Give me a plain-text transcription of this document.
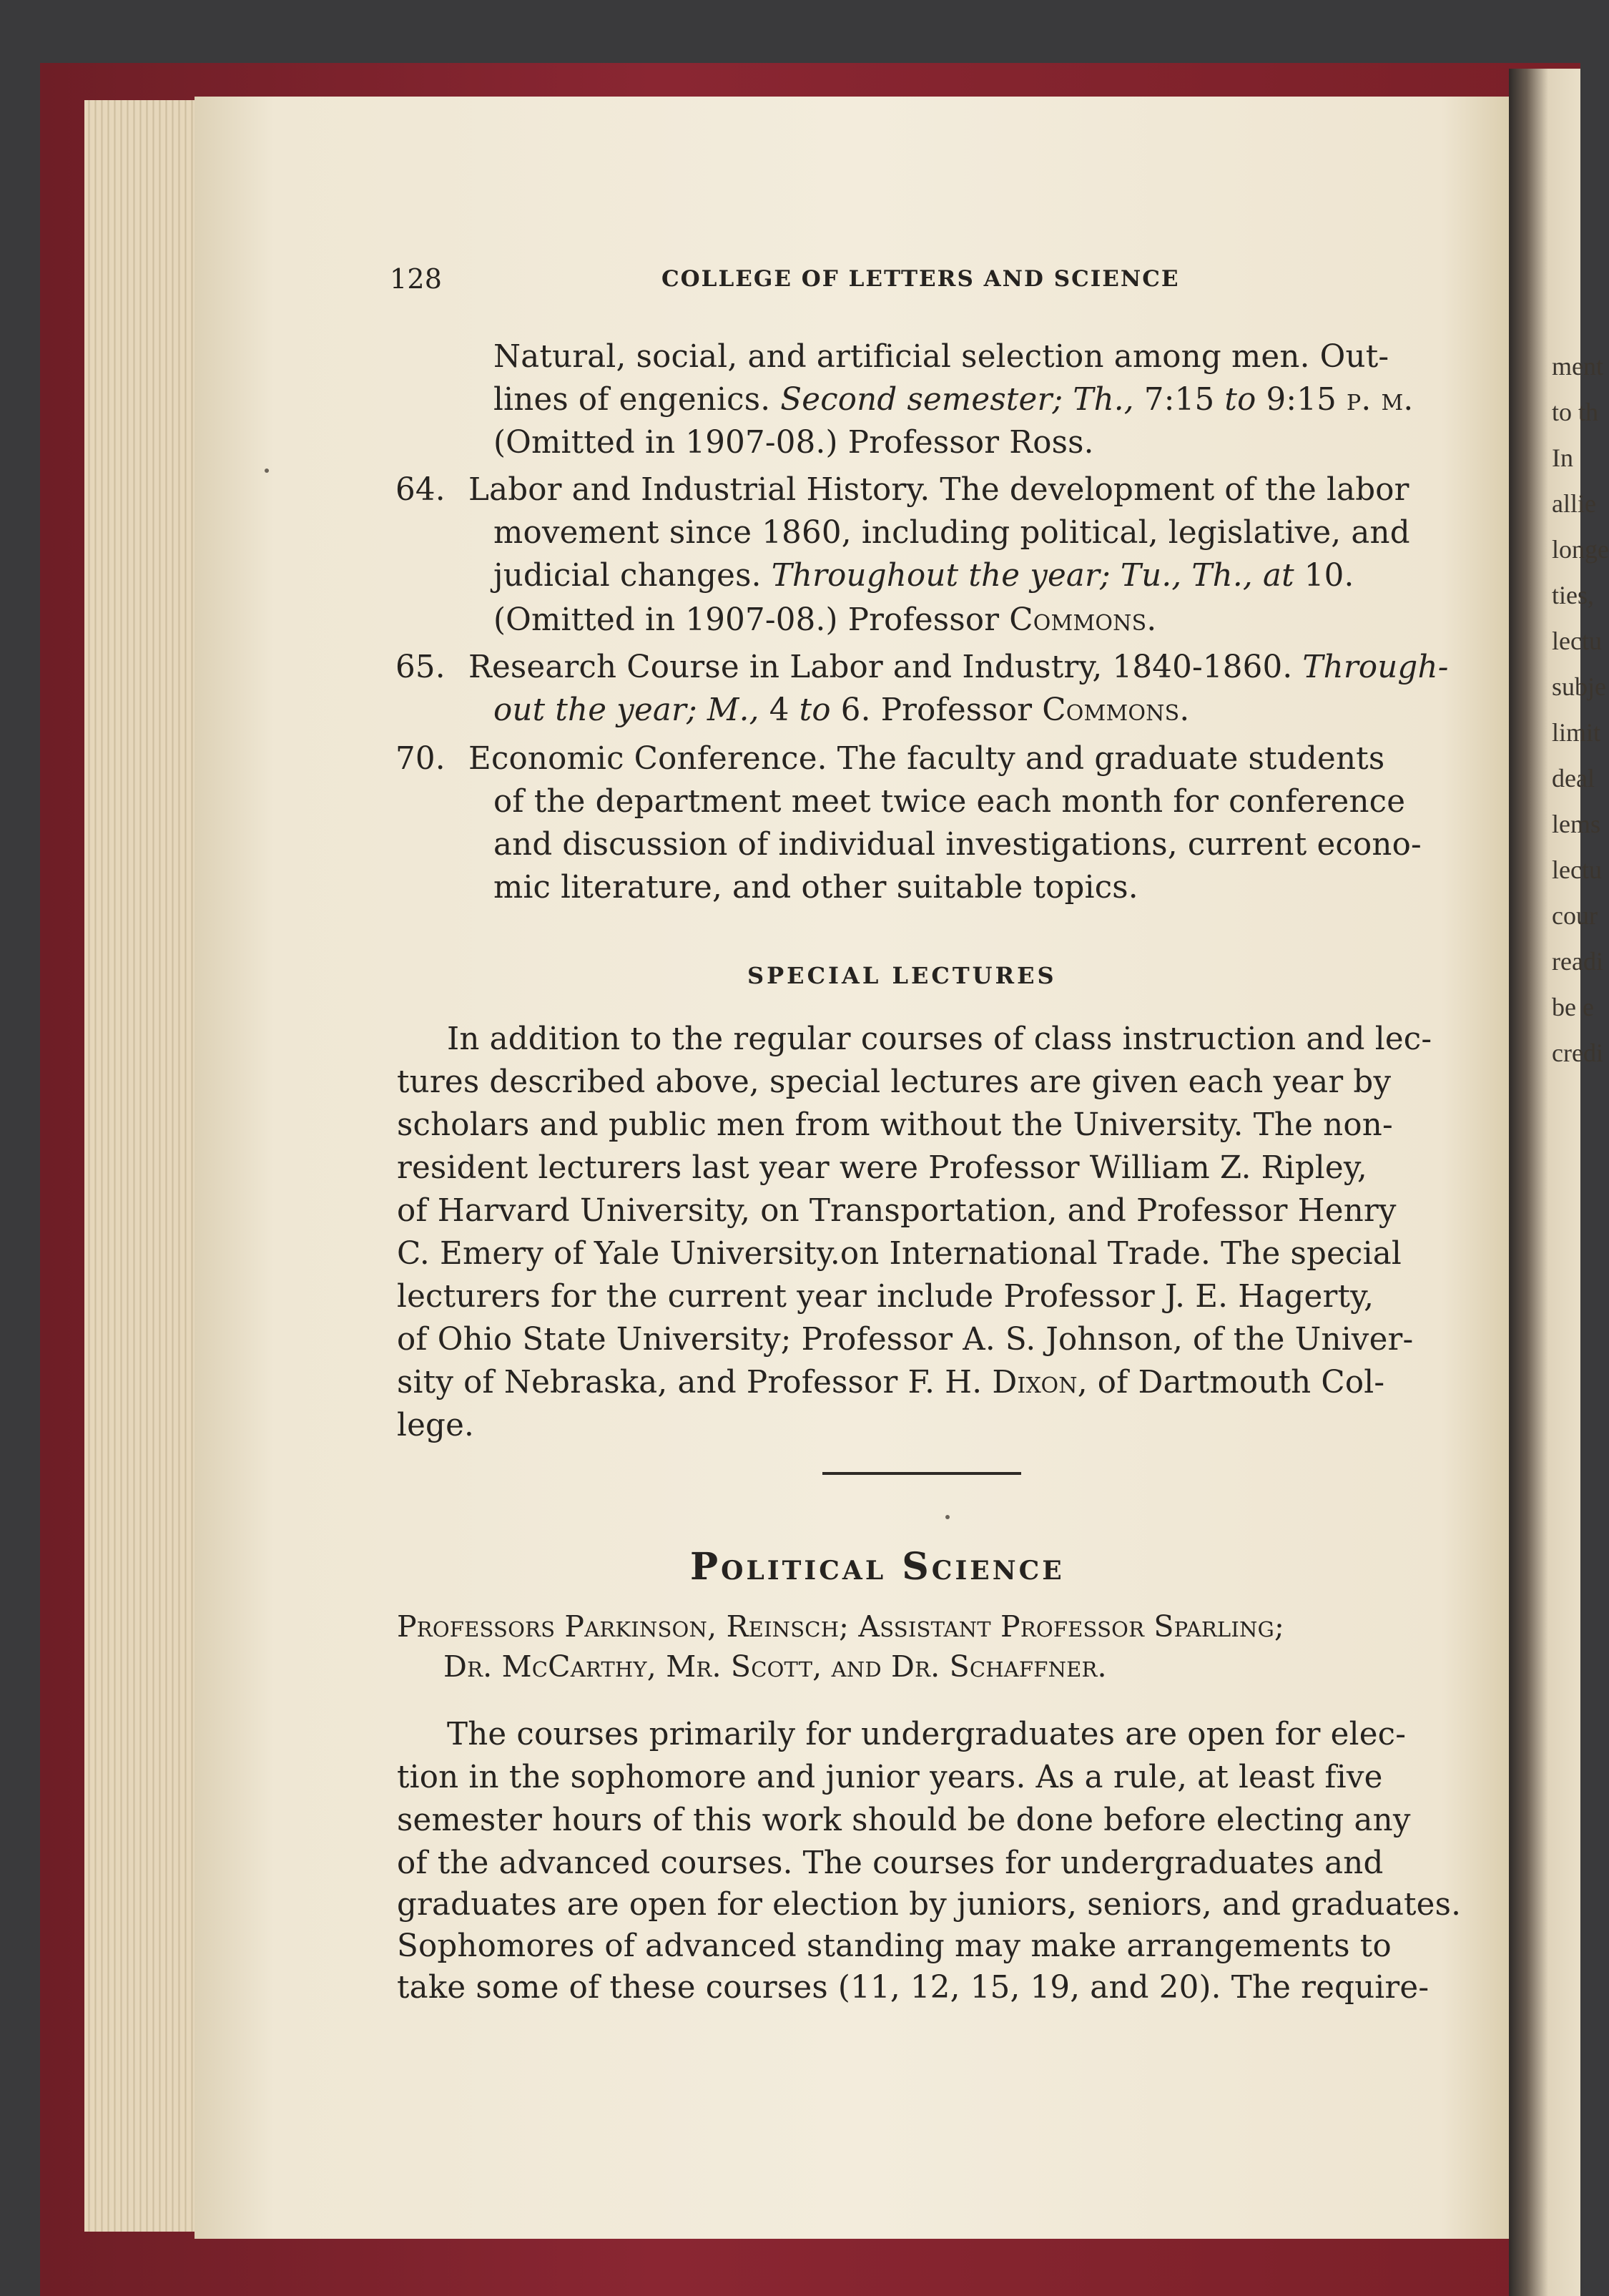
ment
to th
In
allie
longe
ties,
lectu
subje
limit
deal
lems
lectu
cour
readi
be e
credi
128	COLLEGE OF LETTERS AND SCIENCE
Natural, social, and artificial selection among men. Out-
lines of engenics. Second semester; Th., 7:15 to 9:15 p. m.
(Omitted in 1907-08.) Professor Ross.
64. Labor and Industrial History. The development of the labor
movement since 1860, including political, legislative, and
judicial changes. Throughout the year; Tu., Th., at 10.
(Omitted in 1907-08.) Professor Commons.
65. Research Course in Labor and Industry, 1840-1860. Through-
out the year; M., 4 to 6. Professor Commons.
70. Economic Conference. The faculty and graduate students
of the department meet twice each month for conference
and discussion of individual investigations, current econo-
mic literature, and other suitable topics.
SPECIAL LECTURES
In addition to the regular courses of class instruction and lec-
tures described above, special lectures are given each year by
scholars and public men from without the University. The non-
resident lecturers last year were Professor William Z. Ripley,
of Harvard University, on Transportation, and Professor Henry
C. Emery of Yale University.on International Trade. The special
lecturers for the current year include Professor J. E. Hagerty,
of Ohio State University; Professor A. S. Johnson, of the Univer-
sity of Nebraska, and Professor F. H. Dixon, of Dartmouth Col-
lege.
Political Science
Professors Parkinson, Reinsch; Assistant Professor Sparling;
Dr. McCarthy, Mr. Scott, and Dr. Schaffner.
The courses primarily for undergraduates are open for elec-
tion in the sophomore and junior years. As a rule, at least five
semester hours of this work should be done before electing any
of the advanced courses. The courses for undergraduates and
graduates are open for election by juniors, seniors, and graduates.
Sophomores of advanced standing may make arrangements to
take some of these courses (11, 12, 15, 19, and 20). The require-
